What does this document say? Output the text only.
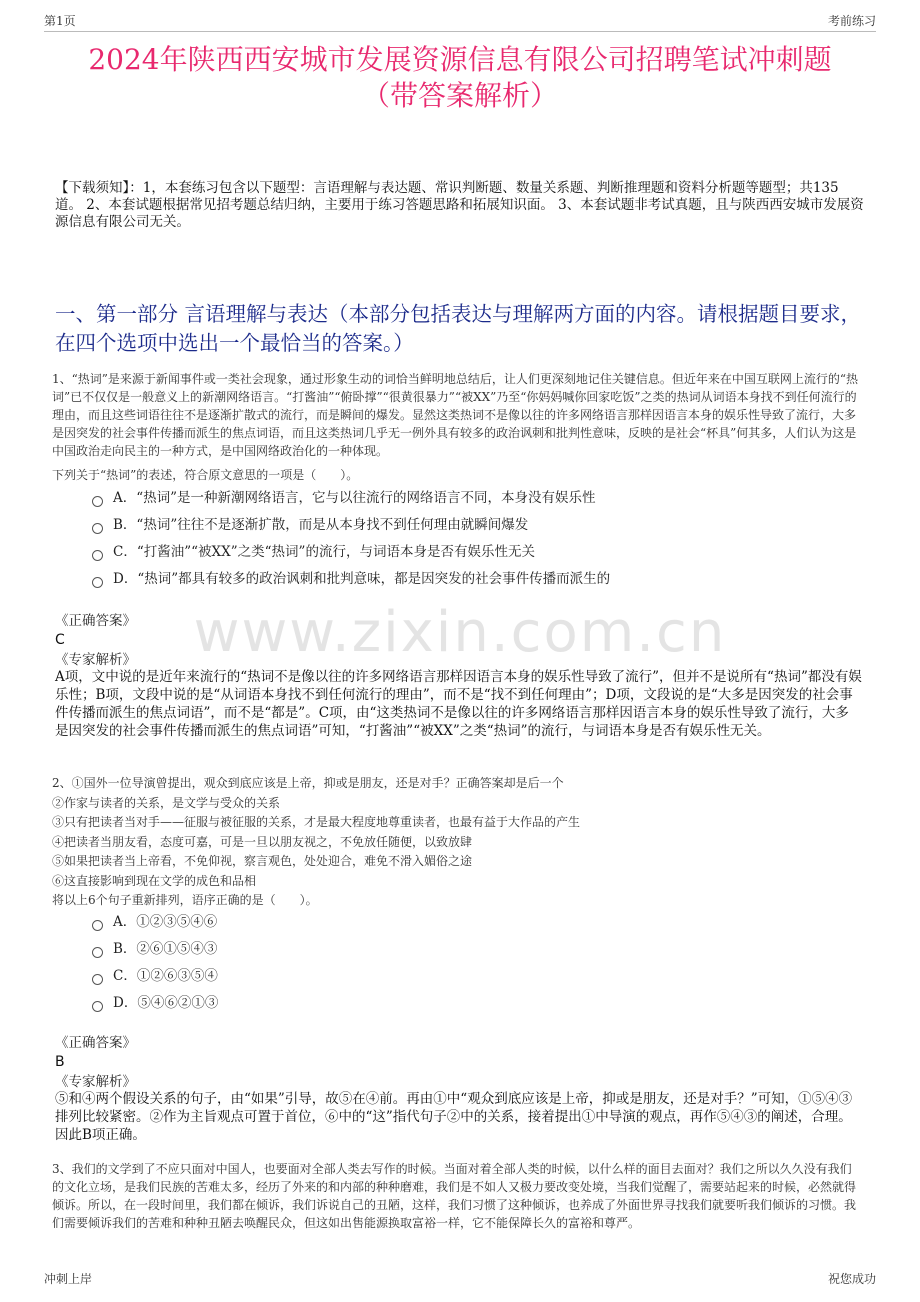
第1页	考前练习
2024年陕西西安城市发展资源信息有限公司招聘笔试冲刺题
（带答案解析）
【下载须知】：1，本套练习包含以下题型：言语理解与表达题、常识判断题、数量关系题、判断推理题和资料分析题等题型；共135道。 2、本套试题根据常见招考题总结归纳，主要用于练习答题思路和拓展知识面。 3、本套试题非考试真题，且与陕西西安城市发展资源信息有限公司无关。
一、第一部分 言语理解与表达（本部分包括表达与理解两方面的内容。请根据题目要求，在四个选项中选出一个最恰当的答案。）
www.zixin.com.cn
1、“热词”是来源于新闻事件或一类社会现象，通过形象生动的词恰当鲜明地总结后，让人们更深刻地记住关键信息。但近年来在中国互联网上流行的“热词”已不仅仅是一般意义上的新潮网络语言。“打酱油”“俯卧撑”“很黄很暴力”“被XX”乃至“你妈妈喊你回家吃饭”之类的热词从词语本身找不到任何流行的理由，而且这些词语往往不是逐渐扩散式的流行，而是瞬间的爆发。显然这类热词不是像以往的许多网络语言那样因语言本身的娱乐性导致了流行，大多是因突发的社会事件传播而派生的焦点词语，而且这类热词几乎无一例外具有较多的政治讽刺和批判性意味，反映的是社会“杯具”何其多，人们认为这是中国政治走向民主的一种方式，是中国网络政治化的一种体现。
下列关于“热词”的表述，符合原文意思的一项是（　　）。
A．“热词”是一种新潮网络语言，它与以往流行的网络语言不同，本身没有娱乐性
B．“热词”往往不是逐渐扩散，而是从本身找不到任何理由就瞬间爆发
C．“打酱油”“被XX”之类“热词”的流行，与词语本身是否有娱乐性无关
D．“热词”都具有较多的政治讽刺和批判意味，都是因突发的社会事件传播而派生的
《正确答案》
C
《专家解析》
A项，文中说的是近年来流行的“热词不是像以往的许多网络语言那样因语言本身的娱乐性导致了流行”，但并不是说所有“热词”都没有娱乐性；B项，文段中说的是“从词语本身找不到任何流行的理由”，而不是“找不到任何理由”；D项，文段说的是“大多是因突发的社会事件传播而派生的焦点词语”，而不是“都是”。C项，由“这类热词不是像以往的许多网络语言那样因语言本身的娱乐性导致了流行，大多是因突发的社会事件传播而派生的焦点词语”可知，“打酱油”“被XX”之类“热词”的流行，与词语本身是否有娱乐性无关。
2、①国外一位导演曾提出，观众到底应该是上帝，抑或是朋友，还是对手？正确答案却是后一个
②作家与读者的关系，是文学与受众的关系
③只有把读者当对手——征服与被征服的关系，才是最大程度地尊重读者，也最有益于大作品的产生
④把读者当朋友看，态度可嘉，可是一旦以朋友视之，不免放任随便，以致放肆
⑤如果把读者当上帝看，不免仰视，察言观色，处处迎合，难免不滑入媚俗之途
⑥这直接影响到现在文学的成色和品相
将以上6个句子重新排列，语序正确的是（　　）。
A．①②③⑤④⑥
B．②⑥①⑤④③
C．①②⑥③⑤④
D．⑤④⑥②①③
《正确答案》
B
《专家解析》
⑤和④两个假设关系的句子，由“如果”引导，故⑤在④前。再由①中“观众到底应该是上帝，抑或是朋友，还是对手？”可知，①⑤④③排列比较紧密。②作为主旨观点可置于首位，⑥中的“这”指代句子②中的关系，接着提出①中导演的观点，再作⑤④③的阐述，合理。因此B项正确。
3、我们的文学到了不应只面对中国人，也要面对全部人类去写作的时候。当面对着全部人类的时候，以什么样的面目去面对？我们之所以久久没有我们的文化立场，是我们民族的苦难太多，经历了外来的和内部的种种磨难，我们是不如人又极力要改变处境，当我们觉醒了，需要站起来的时候，必然就得倾诉。所以，在一段时间里，我们都在倾诉，我们诉说自己的丑陋，这样，我们习惯了这种倾诉，也养成了外面世界寻找我们就要听我们倾诉的习惯。我们需要倾诉我们的苦难和种种丑陋去唤醒民众，但这如出售能源换取富裕一样，它不能保障长久的富裕和尊严。
冲刺上岸	祝您成功
